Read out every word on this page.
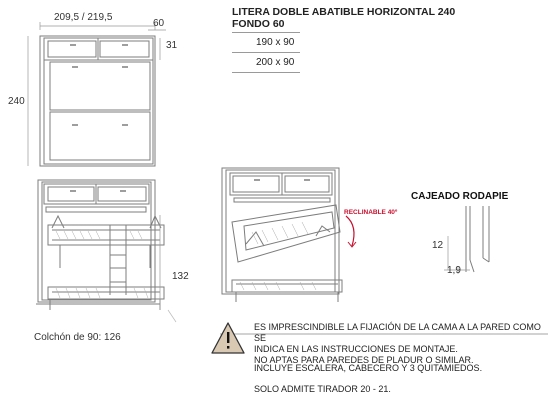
209,5 / 219,5
60
31
240
132
Colchón de 90: 126
LITERA DOBLE ABATIBLE HORIZONTAL 240
FONDO 60
190 x 90
200 x 90
RECLINABLE 40º
CAJEADO RODAPIE
12
1,9
ES IMPRESCINDIBLE LA FIJACIÓN DE LA CAMA A LA PARED COMO SE
INDICA EN LAS INSTRUCCIONES DE MONTAJE.
NO APTAS PARA PAREDES DE PLADUR O SIMILAR.
INCLUYE ESCALERA, CABECERO Y 3 QUITAMIEDOS.
SOLO ADMITE TIRADOR 20 - 21.
